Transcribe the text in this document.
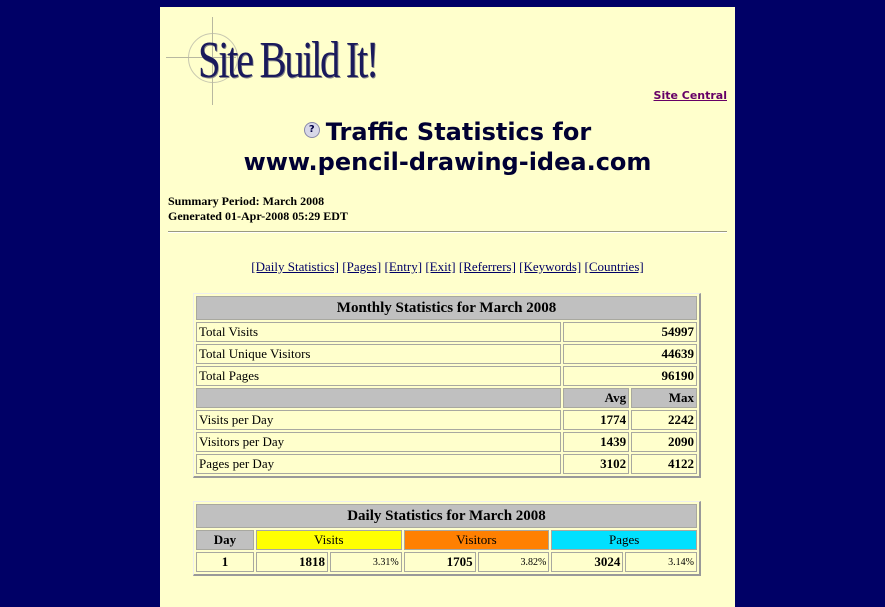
Site Build It!
Site Central
? Traffic Statistics for
www.pencil-drawing-idea.com
Summary Period: March 2008
Generated 01-Apr-2008 05:29 EDT
[Daily Statistics] [Pages] [Entry] [Exit] [Referrers] [Keywords] [Countries]
Monthly Statistics for March 2008		
Total Visits	54997	
Total Unique Visitors	44639	
Total Pages	96190	
	Avg	Max
Visits per Day	1774	2242
Visitors per Day	1439	2090
Pages per Day	3102	4122
Daily Statistics for March 2008						
Day	Visits		Visitors		Pages	
1	1818	3.31%	1705	3.82%	3024	3.14%
